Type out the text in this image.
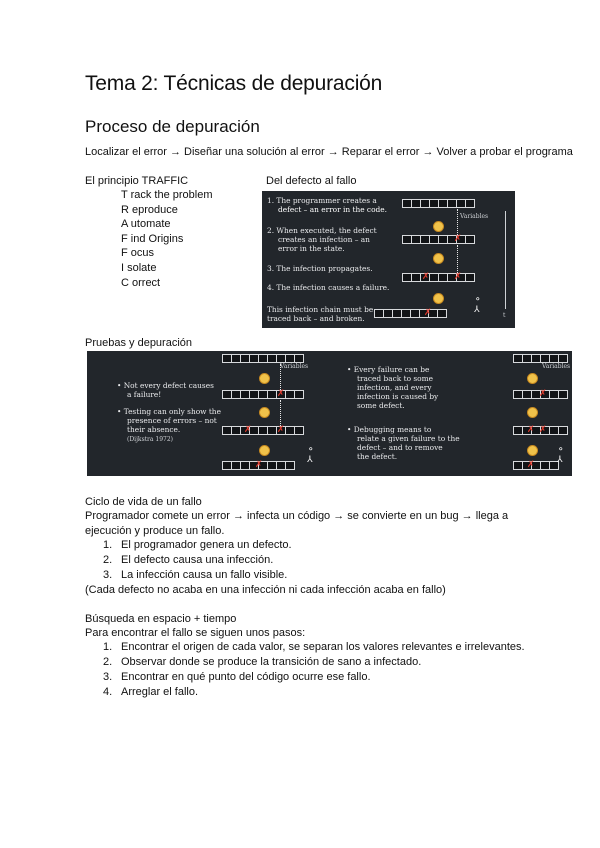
Tema 2: Técnicas de depuración
Proceso de depuración
Localizar el error → Diseñar una solución al error → Reparar el error → Volver a probar el programa
El principio TRAFFIC
T rack the problem
R eproduce
A utomate
F ind Origins
F ocus
I solate
C orrect
Del defecto al fallo
1. The programmer creates a
defect – an error in the code.
2. When executed, the defect
creates an infection – an
error in the state.
3. The infection propagates.
4. The infection causes a failure.
This infection chain must be
traced back – and broken.
Variables
t
✗
✗	✗
✗
⚬
⅄
Pruebas y depuración
• Not every defect causes
a failure!
• Testing can only show the
presence of errors – not
their absence.
(Dijkstra 1972)
• Every failure can be
traced back to some
infection, and every
infection is caused by
some defect.
• Debugging means to
relate a given failure to the
defect – and to remove
the defect.
Variables
✗
✗	✗
✗
⚬
⅄
Variables
✗
✗ ✗
✗
⚬
⅄
Ciclo de vida de un fallo
Programador comete un error → infecta un código → se convierte en un bug → llega a
ejecución y produce un fallo.
1. El programador genera un defecto.
2. El defecto causa una infección.
3. La infección causa un fallo visible.
(Cada defecto no acaba en una infección ni cada infección acaba en fallo)
Búsqueda en espacio + tiempo
Para encontrar el fallo se siguen unos pasos:
1. Encontrar el origen de cada valor, se separan los valores relevantes e irrelevantes.
2. Observar donde se produce la transición de sano a infectado.
3. Encontrar en qué punto del código ocurre ese fallo.
4. Arreglar el fallo.
